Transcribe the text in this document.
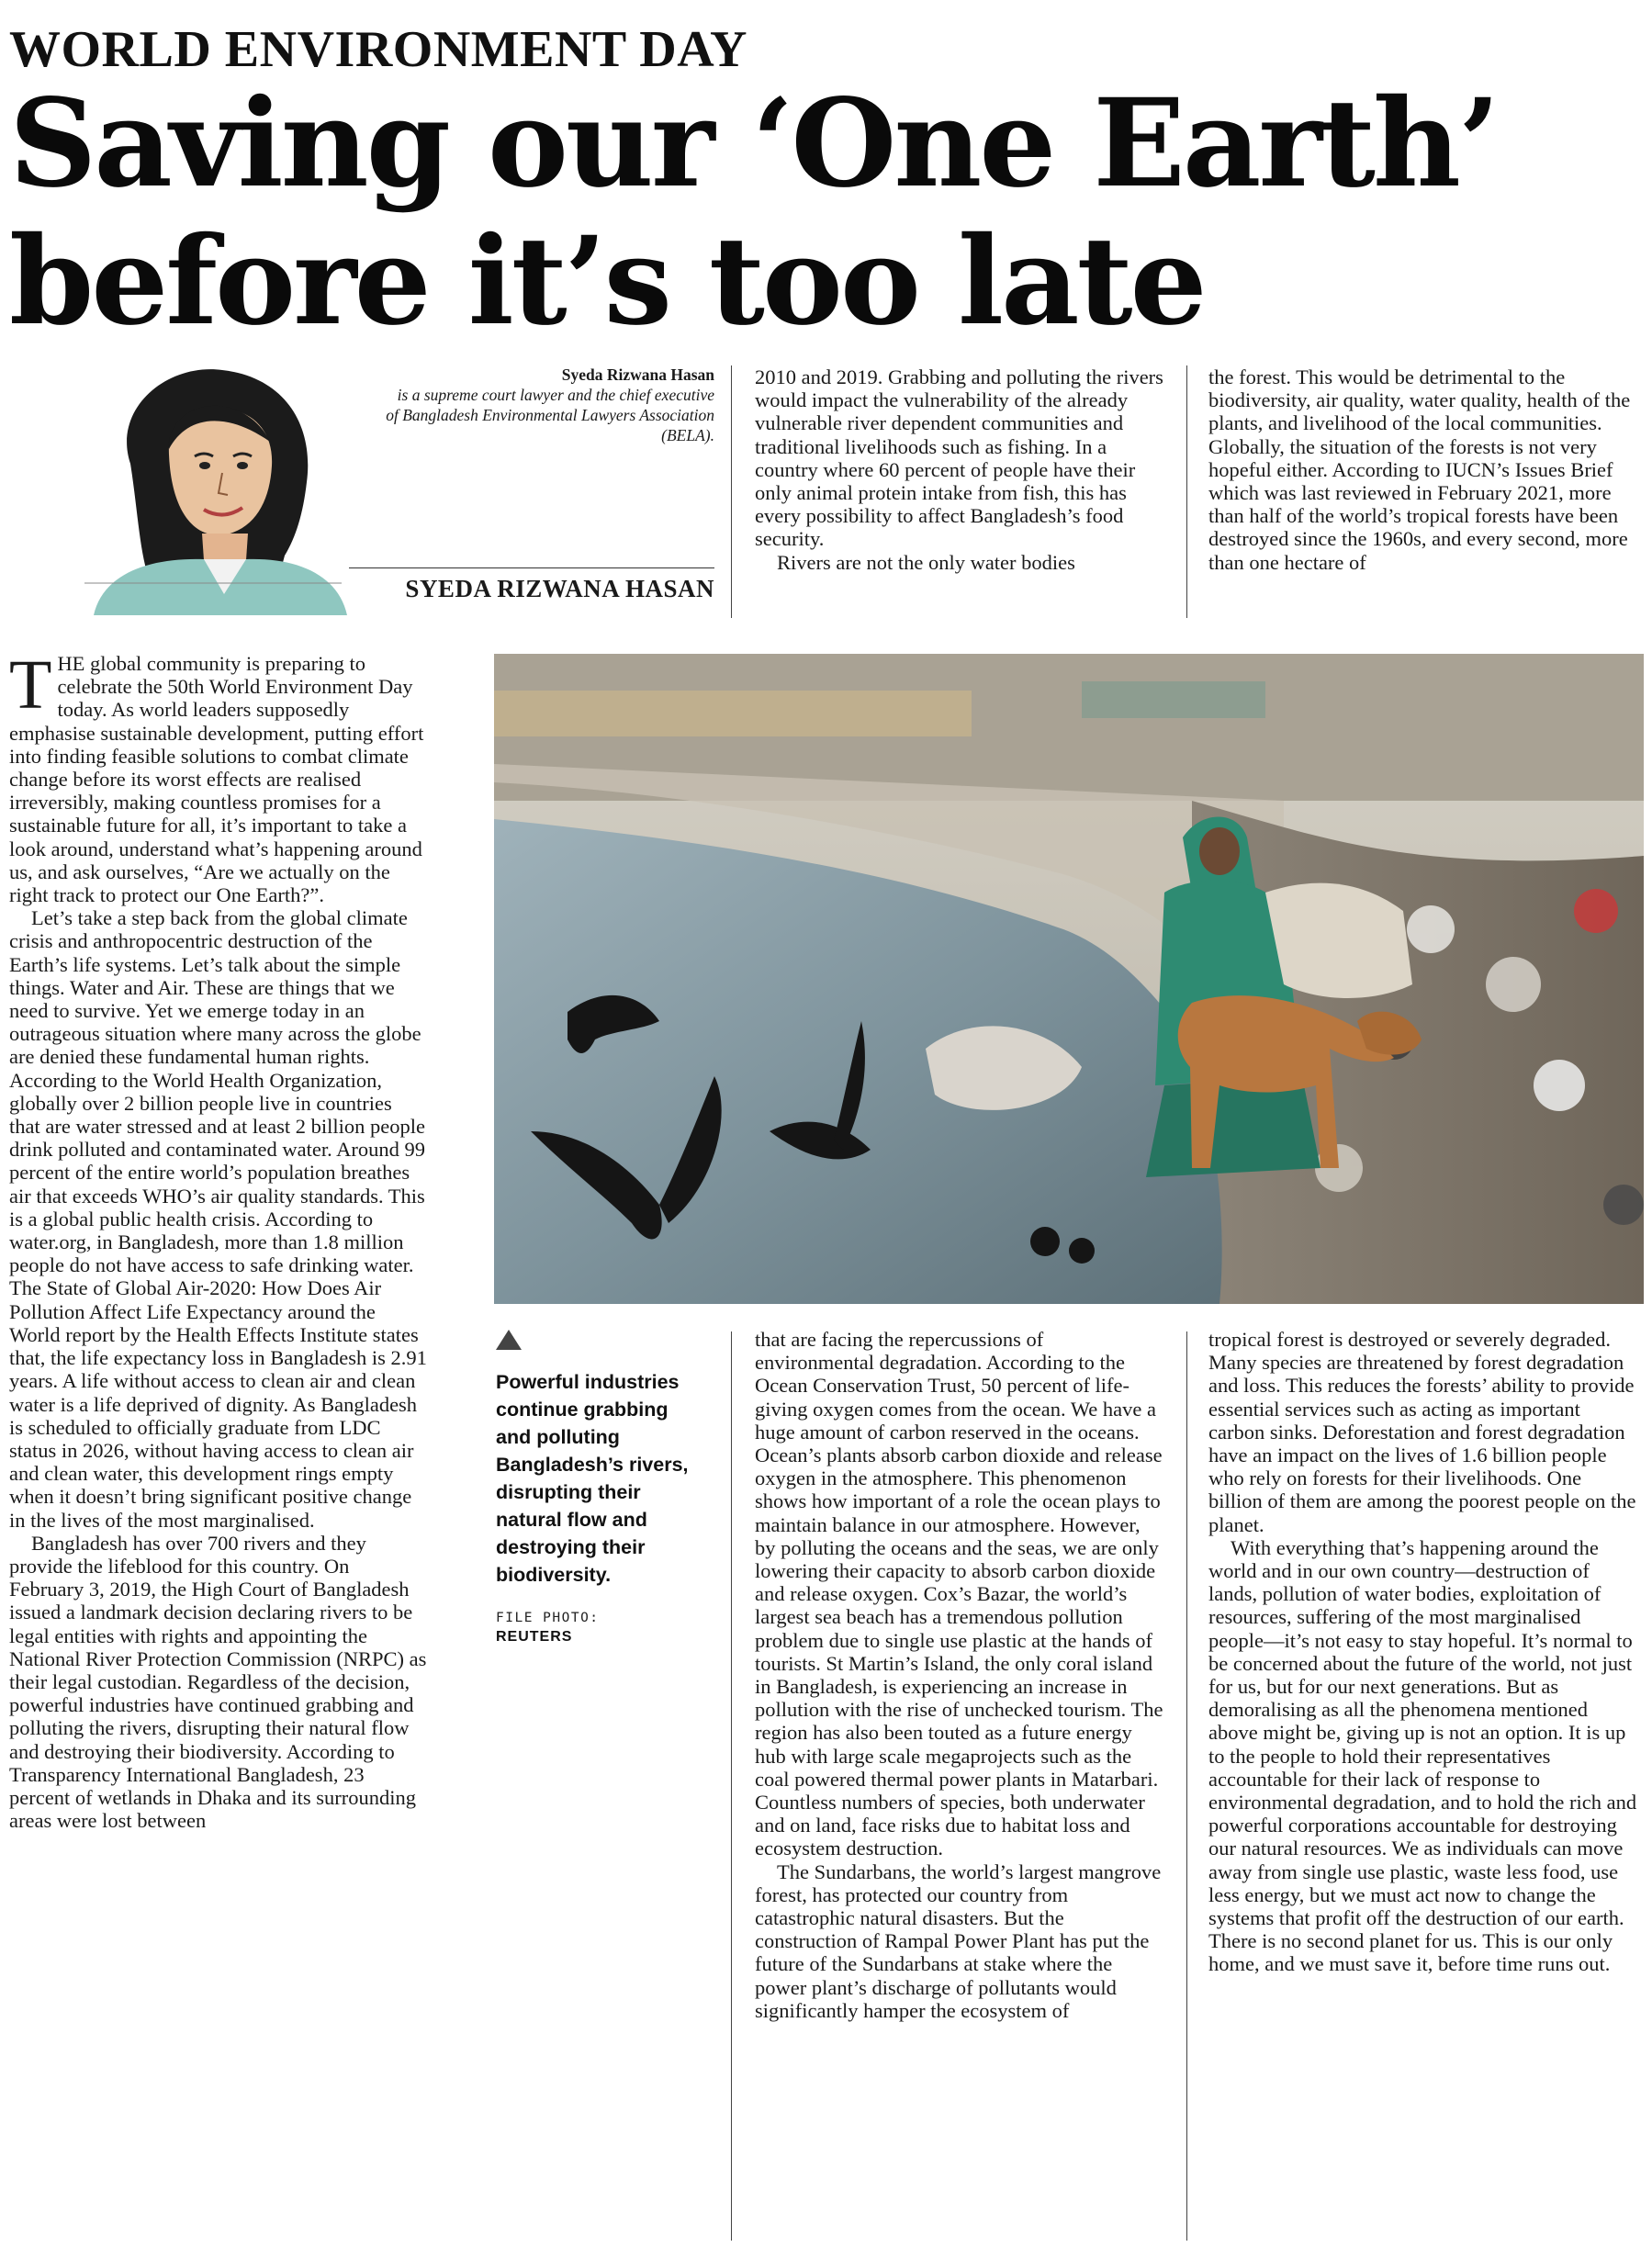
WORLD ENVIRONMENT DAY
Saving our ‘One Earth’
before it’s too late
Syeda Rizwana Hasan
is a supreme court lawyer and the chief executive of Bangladesh Environmental Lawyers Association (BELA).
SYEDA RIZWANA HASAN

THE global community is preparing to celebrate the 50th World Environment Day today. As world leaders supposedly emphasise sustainable development, putting effort into finding feasible solutions to combat climate change before its worst effects are realised irreversibly, making countless promises for a sustainable future for all, it’s important to take a look around, understand what’s happening around us, and ask ourselves, “Are we actually on the right track to protect our One Earth?”.

Let’s take a step back from the global climate crisis and anthropocentric destruction of the Earth’s life systems. Let’s talk about the simple things. Water and Air. These are things that we need to survive. Yet we emerge today in an outrageous situation where many across the globe are denied these fundamental human rights. According to the World Health Organization, globally over 2 billion people live in countries that are water stressed and at least 2 billion people drink polluted and contaminated water. Around 99 percent of the entire world’s population breathes air that exceeds WHO’s air quality standards. This is a global public health crisis. According to water.org, in Bangladesh, more than 1.8 million people do not have access to safe drinking water. The State of Global Air-2020: How Does Air Pollution Affect Life Expectancy around the World report by the Health Effects Institute states that, the life expectancy loss in Bangladesh is 2.91 years. A life without access to clean air and clean water is a life deprived of dignity. As Bangladesh is scheduled to officially graduate from LDC status in 2026, without having access to clean air and clean water, this development rings empty when it doesn’t bring significant positive change in the lives of the most marginalised.

Bangladesh has over 700 rivers and they provide the lifeblood for this country. On February 3, 2019, the High Court of Bangladesh issued a landmark decision declaring rivers to be legal entities with rights and appointing the National River Protection Commission (NRPC) as their legal custodian. Regardless of the decision, powerful industries have continued grabbing and polluting the rivers, disrupting their natural flow and destroying their biodiversity. According to Transparency International Bangladesh, 23 percent of wetlands in Dhaka and its surrounding areas were lost between

2010 and 2019. Grabbing and polluting the rivers would impact the vulnerability of the already vulnerable river dependent communities and traditional livelihoods such as fishing. In a country where 60 percent of people have their only animal protein intake from fish, this has every possibility to affect Bangladesh’s food security.

Rivers are not the only water bodies

the forest. This would be detrimental to the biodiversity, air quality, water quality, health of the plants, and livelihood of the local communities. Globally, the situation of the forests is not very hopeful either. According to IUCN’s Issues Brief which was last reviewed in February 2021, more than half of the world’s tropical forests have been destroyed since the 1960s, and every second, more than one hectare of

Powerful industries continue grabbing and polluting Bangladesh’s rivers, disrupting their natural flow and destroying their biodiversity.
FILE PHOTO:
REUTERS

that are facing the repercussions of environmental degradation. According to the Ocean Conservation Trust, 50 percent of life-giving oxygen comes from the ocean. We have a huge amount of carbon reserved in the oceans. Ocean’s plants absorb carbon dioxide and release oxygen in the atmosphere. This phenomenon shows how important of a role the ocean plays to maintain balance in our atmosphere. However, by polluting the oceans and the seas, we are only lowering their capacity to absorb carbon dioxide and release oxygen. Cox’s Bazar, the world’s largest sea beach has a tremendous pollution problem due to single use plastic at the hands of tourists. St Martin’s Island, the only coral island in Bangladesh, is experiencing an increase in pollution with the rise of unchecked tourism. The region has also been touted as a future energy hub with large scale megaprojects such as the coal powered thermal power plants in Matarbari. Countless numbers of species, both underwater and on land, face risks due to habitat loss and ecosystem destruction.

The Sundarbans, the world’s largest mangrove forest, has protected our country from catastrophic natural disasters. But the construction of Rampal Power Plant has put the future of the Sundarbans at stake where the power plant’s discharge of pollutants would significantly hamper the ecosystem of

tropical forest is destroyed or severely degraded. Many species are threatened by forest degradation and loss. This reduces the forests’ ability to provide essential services such as acting as important carbon sinks. Deforestation and forest degradation have an impact on the lives of 1.6 billion people who rely on forests for their livelihoods. One billion of them are among the poorest people on the planet.

With everything that’s happening around the world and in our own country—destruction of lands, pollution of water bodies, exploitation of resources, suffering of the most marginalised people—it’s not easy to stay hopeful. It’s normal to be concerned about the future of the world, not just for us, but for our next generations. But as demoralising as all the phenomena mentioned above might be, giving up is not an option. It is up to the people to hold their representatives accountable for their lack of response to environmental degradation, and to hold the rich and powerful corporations accountable for destroying our natural resources. We as individuals can move away from single use plastic, waste less food, use less energy, but we must act now to change the systems that profit off the destruction of our earth. There is no second planet for us. This is our only home, and we must save it, before time runs out.
